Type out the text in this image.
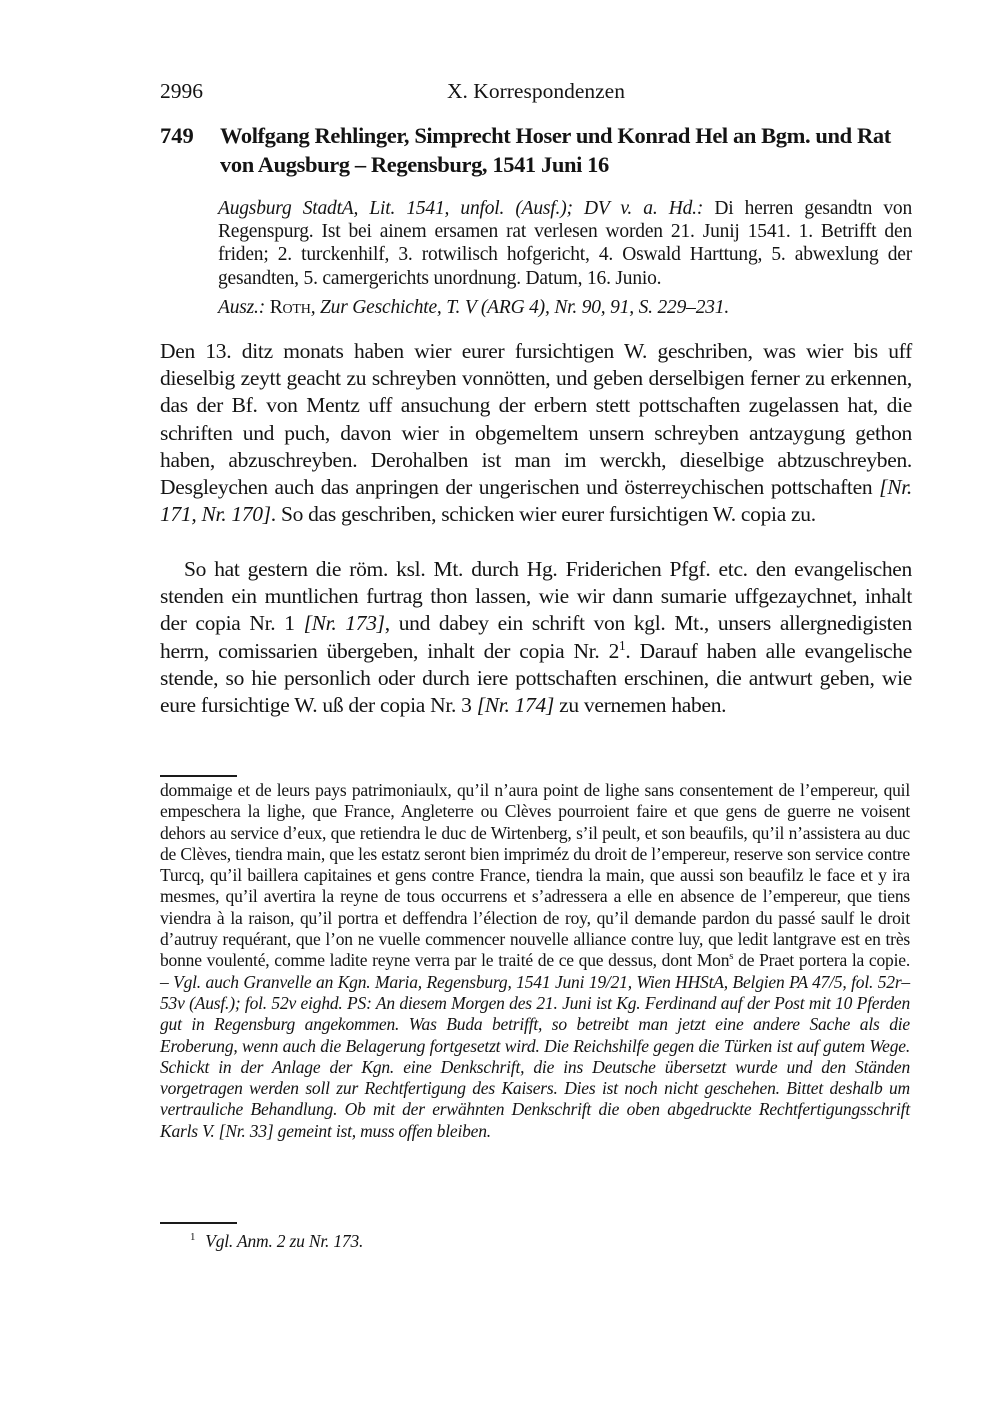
2996	X. Korrespondenzen
749 Wolfgang Rehlinger, Simprecht Hoser und Konrad Hel an Bgm. und Rat von Augsburg – Regensburg, 1541 Juni 16

Augsburg StadtA, Lit. 1541, unfol. (Ausf.); DV v. a. Hd.: Di herren gesandtn von Regenspurg. Ist bei ainem ersamen rat verlesen worden 21. Junij 1541. 1. Betrifft den friden; 2. turckenhilf, 3. rotwilisch hofgericht, 4. Oswald Harttung, 5. abwexlung der gesandten, 5. camergerichts unordnung. Datum, 16. Junio.

Ausz.: Roth, Zur Geschichte, T. V (ARG 4), Nr. 90, 91, S. 229–231.

Den 13. ditz monats haben wier eurer fursichtigen W. geschriben, was wier bis uff dieselbig zeytt geacht zu schreyben vonnötten, und geben derselbigen ferner zu erkennen, das der Bf. von Mentz uff ansuchung der erbern stett pottschaften zugelassen hat, die schriften und puch, davon wier in obgemeltem unsern schreyben antzaygung gethon haben, abzuschreyben. Derohalben ist man im werckh, dieselbige abtzuschreyben. Desgleychen auch das anpringen der ungerischen und österreychischen pottschaften [Nr. 171, Nr. 170]. So das geschriben, schicken wier eurer fursichtigen W. copia zu.

So hat gestern die röm. ksl. Mt. durch Hg. Friderichen Pfgf. etc. den evangelischen stenden ein muntlichen furtrag thon lassen, wie wir dann sumarie uffgezaychnet, inhalt der copia Nr. 1 [Nr. 173], und dabey ein schrift von kgl. Mt., unsers allergnedigisten herrn, comissarien übergeben, inhalt der copia Nr. $2^1$. Darauf haben alle evangelische stende, so hie personlich oder durch iere pottschaften erschinen, die antwurt geben, wie eure fursichtige W. uß der copia Nr. 3 [Nr. 174] zu vernemen haben.

dommaige et de leurs pays patrimoniaulx, qu’il n’aura point de lighe sans consentement de l’empereur, quil empeschera la lighe, que France, Angleterre ou Clèves pourroient faire et que gens de guerre ne voisent dehors au service d’eux, que retiendra le duc de Wirtenberg, s’il peult, et son beaufils, qu’il n’assistera au duc de Clèves, tiendra main, que les estatz seront bien impriméz du droit de l’empereur, reserve son service contre Turcq, qu’il baillera capitaines et gens contre France, tiendra la main, que aussi son beaufilz le face et y ira mesmes, qu’il avertira la reyne de tous occurrens et s’adressera a elle en absence de l’empereur, que tiens viendra à la raison, qu’il portra et deffendra l’élection de roy, qu’il demande pardon du passé saulf le droit d’autruy requérant, que l’on ne vuelle commencer nouvelle alliance contre luy, que ledit lantgrave est en très bonne voulenté, comme ladite reyne verra par le traité de ce que dessus, dont Mon$^s$ de Praet portera la copie. – Vgl. auch Granvelle an Kgn. Maria, Regensburg, 1541 Juni 19/21, Wien HHStA, Belgien PA 47/5, fol. 52r–53v (Ausf.); fol. 52v eighd. PS: An diesem Morgen des 21. Juni ist Kg. Ferdinand auf der Post mit 10 Pferden gut in Regensburg angekommen. Was Buda betrifft, so betreibt man jetzt eine andere Sache als die Eroberung, wenn auch die Belagerung fortgesetzt wird. Die Reichshilfe gegen die Türken ist auf gutem Wege. Schickt in der Anlage der Kgn. eine Denkschrift, die ins Deutsche übersetzt wurde und den Ständen vorgetragen werden soll zur Rechtfertigung des Kaisers. Dies ist noch nicht geschehen. Bittet deshalb um vertrauliche Behandlung. Ob mit der erwähnten Denkschrift die oben abgedruckte Rechtfertigungsschrift Karls V. [Nr. 33] gemeint ist, muss offen bleiben.

$^1$ Vgl. Anm. 2 zu Nr. 173.
